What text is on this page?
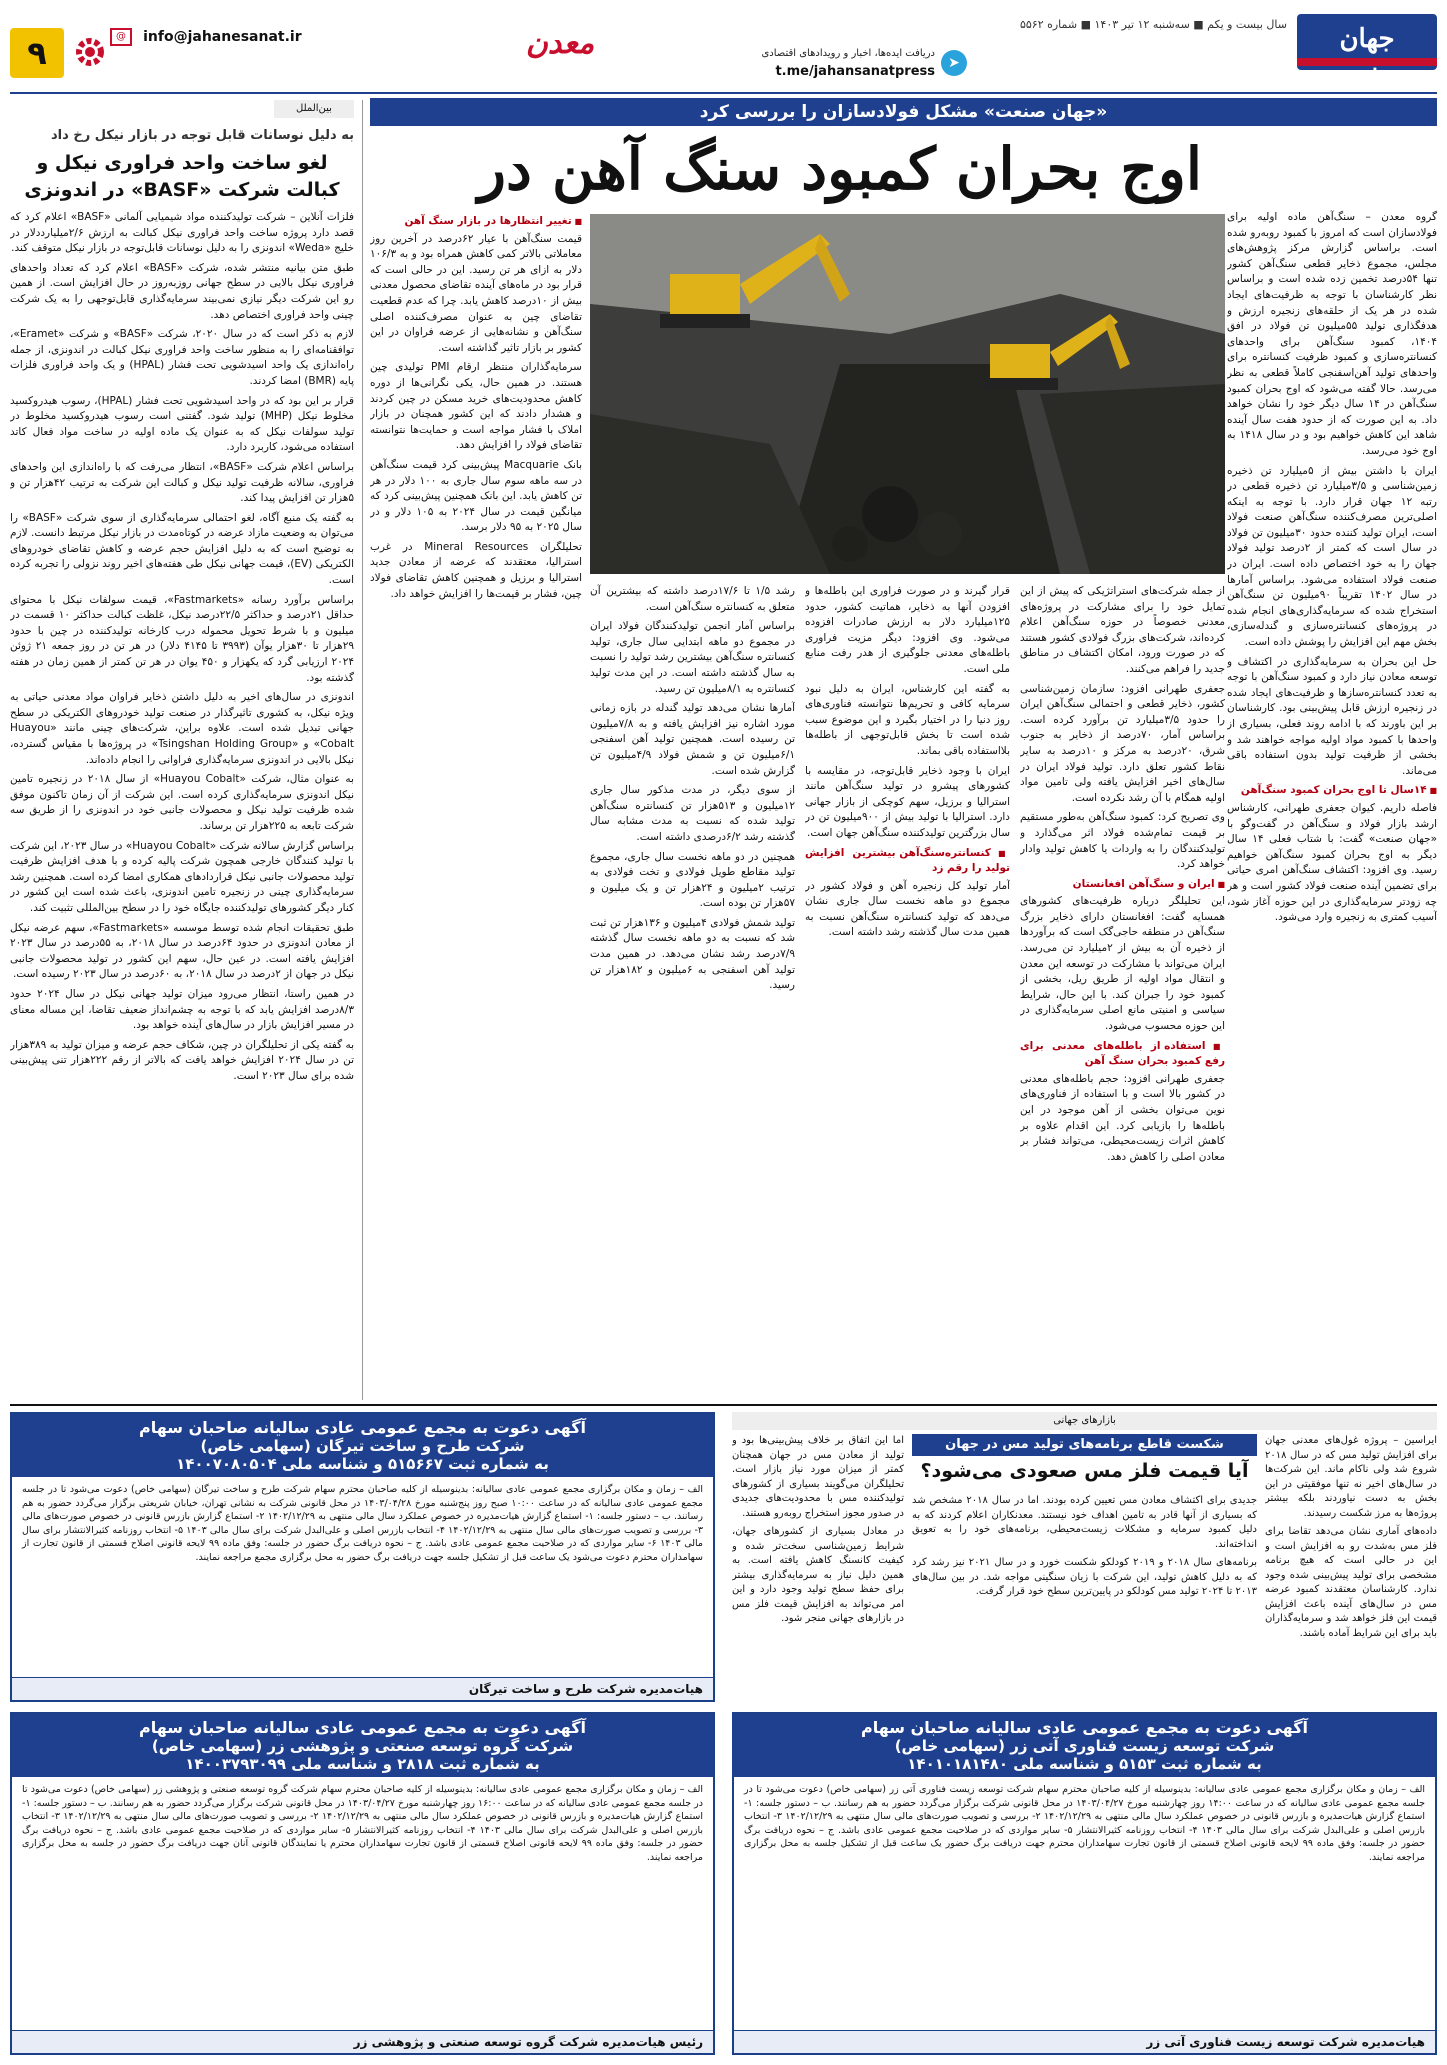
جهان صنعت
سال بیست و یکم ■ سه‌شنبه ۱۲ تیر ۱۴۰۳ ■ شماره ۵۵۶۲
➤
دریافت ایده‌ها، اخبار و رویدادهای اقتصادی
t.me/jahansanatpress
معدن
@ info@jahanesanat.ir
۹
بین‌الملل
به دلیل نوسانات قابل توجه در بازار نیکل رخ داد
لغو ساخت واحد فراوری نیکل و کبالت شرکت «BASF» در اندونزی

فلزات آنلاین – شرکت تولیدکننده مواد شیمیایی آلمانی «BASF» اعلام کرد که قصد دارد پروژه ساخت واحد فراوری نیکل کبالت به ارزش ۲/۶میلیارددلار در خلیج «Weda» اندونزی را به دلیل نوسانات قابل‌توجه در بازار نیکل متوقف کند.

طبق متن بیانیه منتشر شده، شرکت «BASF» اعلام کرد که تعداد واحدهای فراوری نیکل بالایی در سطح جهانی روزبه‌روز در حال افزایش است. از همین رو این شرکت دیگر نیازی نمی‌بیند سرمایه‌گذاری قابل‌توجهی را به یک شرکت چینی واحد فراوری اختصاص دهد.

لازم به ذکر است که در سال ۲۰۲۰، شرکت «BASF» و شرکت «Eramet»، توافقنامه‌ای را به منظور ساخت واحد فراوری نیکل کبالت در اندونزی، از جمله راه‌اندازی یک واحد اسیدشویی تحت فشار (HPAL) و یک واحد فراوری فلزات پایه (BMR) امضا کردند.

قرار بر این بود که در واحد اسیدشویی تحت فشار (HPAL)، رسوب هیدروکسید مخلوط نیکل (MHP) تولید شود. گفتنی است رسوب هیدروکسید مخلوط در تولید سولفات نیکل که به عنوان یک ماده اولیه در ساخت مواد فعال کاتد استفاده می‌شود، کاربرد دارد.

براساس اعلام شرکت «BASF»، انتظار می‌رفت که با راه‌اندازی این واحدهای فراوری، سالانه ظرفیت تولید نیکل و کبالت این شرکت به ترتیب ۴۲هزار تن و ۵هزار تن افزایش پیدا کند.

به گفته یک منبع آگاه، لغو احتمالی سرمایه‌گذاری از سوی شرکت «BASF» را می‌توان به وضعیت مازاد عرضه در کوتاه‌مدت در بازار نیکل مرتبط دانست. لازم به توضیح است که به دلیل افزایش حجم عرضه و کاهش تقاضای خودروهای الکتریکی (EV)، قیمت جهانی نیکل طی هفته‌های اخیر روند نزولی را تجربه کرده است.

براساس برآورد رسانه «Fastmarkets»، قیمت سولفات نیکل با محتوای حداقل ۲۱درصد و حداکثر ۲۲/۵درصد نیکل، غلظت کبالت حداکثر ۱۰ قسمت در میلیون و با شرط تحویل محموله درب کارخانه تولیدکننده در چین با حدود ۲۹هزار تا ۳۰هزار یوآن (۳۹۹۳ تا ۴۱۴۵ دلار) در هر تن در روز جمعه ۲۱ ژوئن ۲۰۲۴ ارزیابی گرد که یکهزار و ۴۵۰ یوان در هر تن کمتر از همین زمان در هفته گذشته بود.

اندونزی در سال‌های اخیر به دلیل داشتن ذخایر فراوان مواد معدنی حیاتی به ویژه نیکل، به کشوری تاثیرگذار در صنعت تولید خودروهای الکتریکی در سطح جهانی تبدیل شده است. علاوه براین، شرکت‌های چینی مانند «Huayou Cobalt» و «Tsingshan Holding Group» در پروژه‌ها با مقیاس گسترده، نیکل بالایی در اندونزی سرمایه‌گذاری فراوانی را انجام داده‌اند.

به عنوان مثال، شرکت «Huayou Cobalt» از سال ۲۰۱۸ در زنجیره تامین نیکل اندونزی سرمایه‌گذاری کرده است. این شرکت از آن زمان تاکنون موفق شده ظرفیت تولید نیکل و محصولات جانبی خود در اندونزی را از طریق سه شرکت تابعه به ۲۲۵هزار تن برساند.

براساس گزارش سالانه شرکت «Huayou Cobalt» در سال ۲۰۲۳، این شرکت با تولید کنندگان خارجی همچون شرکت پالیه کرده و با هدف افزایش ظرفیت تولید محصولات جانبی نیکل قراردادهای همکاری امضا کرده است. همچنین رشد سرمایه‌گذاری چینی در زنجیره تامین اندونزی، باعث شده است این کشور در کنار دیگر کشورهای تولیدکننده جایگاه خود را در سطح بین‌المللی تثبیت کند.

طبق تحقیقات انجام شده توسط موسسه «Fastmarkets»، سهم عرضه نیکل از معادن اندونزی در حدود ۶۴درصد در سال ۲۰۱۸، به ۵۵درصد در سال ۲۰۲۳ افزایش یافته است. در عین حال، سهم این کشور در تولید محصولات جانبی نیکل در جهان از ۲درصد در سال ۲۰۱۸، به ۶۰درصد در سال ۲۰۲۳ رسیده است.

در همین راستا، انتظار می‌رود میزان تولید جهانی نیکل در سال ۲۰۲۴ حدود ۸/۳درصد افزایش یابد که با توجه به چشم‌انداز ضعیف تقاضا، این مساله معنای در مسیر افزایش بازار در سال‌های آینده خواهد بود.

به گفته یکی از تحلیلگران در چین، شکاف حجم عرضه و میزان تولید به ۳۸۹هزار تن در سال ۲۰۲۴ افزایش خواهد یافت که بالاتر از رقم ۲۲۲هزار تنی پیش‌بینی شده برای سال ۲۰۲۳ است.

«جهان صنعت» مشکل فولادسازان را بررسی کرد
اوج بحران کمبود سنگ آهن در

گروه معدن – سنگ‌آهن ماده اولیه برای فولادسازان است که امروز با کمبود روبه‌رو شده است. براساس گزارش مرکز پژوهش‌های مجلس، مجموع ذخایر قطعی سنگ‌آهن کشور تنها ۵۴درصد تخمین زده شده است و براساس نظر کارشناسان با توجه به ظرفیت‌های ایجاد شده در هر یک از حلقه‌های زنجیره ارزش و هدفگذاری تولید ۵۵میلیون تن فولاد در افق ۱۴۰۴، کمبود سنگ‌آهن برای واحدهای کنسانتره‌سازی و کمبود ظرفیت کنسانتره برای واحدهای تولید آهن‌اسفنجی کاملاً قطعی به نظر می‌رسد. حالا گفته می‌شود که اوج بحران کمبود سنگ‌آهن در ۱۴ سال دیگر خود را نشان خواهد داد. به این صورت که از حدود هفت سال آینده شاهد این کاهش خواهیم بود و در سال ۱۴۱۸ به اوج خود می‌رسد.

ایران با داشتن بیش از ۵میلیارد تن ذخیره زمین‌شناسی و ۳/۵میلیارد تن ذخیره قطعی در رتبه ۱۲ جهان قرار دارد. با توجه به اینکه اصلی‌ترین مصرف‌کننده سنگ‌آهن صنعت فولاد است، ایران تولید کننده حدود ۳۰میلیون تن فولاد در سال است که کمتر از ۲درصد تولید فولاد جهان را به خود اختصاص داده است. ایران در صنعت فولاد استفاده می‌شود. براساس آمارها در سال ۱۴۰۲ تقریباً ۹۰میلیون تن سنگ‌آهن استخراج شده که سرمایه‌گذاری‌های انجام شده در پروژه‌های کنسانتره‌سازی و گندله‌سازی، بخش مهم این افزایش را پوشش داده است.

حل این بحران به سرمایه‌گذاری در اکتشاف و توسعه معادن نیاز دارد و کمبود سنگ‌آهن با توجه به تعدد کنسانتره‌سازها و ظرفیت‌های ایجاد شده در زنجیره ارزش قابل پیش‌بینی بود. کارشناسان بر این باورند که با ادامه روند فعلی، بسیاری از واحدها با کمبود مواد اولیه مواجه خواهند شد و بخشی از ظرفیت تولید بدون استفاده باقی می‌ماند.

■ ۱۴سال تا اوج بحران کمبود سنگ‌آهن

فاصله داریم. کیوان جعفری طهرانی، کارشناس ارشد بازار فولاد و سنگ‌آهن در گفت‌وگو با «جهان صنعت» گفت: با شتاب فعلی ۱۴ سال دیگر به اوج بحران کمبود سنگ‌آهن خواهیم رسید. وی افزود: اکتشاف سنگ‌آهن امری حیاتی برای تضمین آینده صنعت فولاد کشور است و هر چه زودتر سرمایه‌گذاری در این حوزه آغاز شود، آسیب کمتری به زنجیره وارد می‌شود.

■ تغییر انتظارها در بازار سنگ آهن

قیمت سنگ‌آهن با عیار ۶۲درصد در آخرین روز معاملاتی بالاتر کمی کاهش همراه بود و به ۱۰۶/۳ دلار به ازای هر تن رسید. این در حالی است که قرار بود در ماه‌های آینده تقاضای محصول معدنی بیش از ۱۰درصد کاهش یابد. چرا که عدم قطعیت تقاضای چین به عنوان مصرف‌کننده اصلی سنگ‌آهن و نشانه‌هایی از عرضه فراوان در این کشور بر بازار تاثیر گذاشته است.

سرمایه‌گذاران منتظر ارقام PMI تولیدی چین هستند. در همین حال، یکی نگرانی‌ها از دوره کاهش محدودیت‌های خرید مسکن در چین کردند و هشدار دادند که این کشور همچنان در بازار املاک با فشار مواجه است و حمایت‌ها نتوانسته تقاضای فولاد را افزایش دهد.

بانک Macquarie پیش‌بینی کرد قیمت سنگ‌آهن در سه ماهه سوم سال جاری به ۱۰۰ دلار در هر تن کاهش یابد. این بانک همچنین پیش‌بینی کرد که میانگین قیمت در سال ۲۰۲۴ به ۱۰۵ دلار و در سال ۲۰۲۵ به ۹۵ دلار برسد.

تحلیلگران Mineral Resources در غرب استرالیا، معتقدند که عرضه از معادن جدید استرالیا و برزیل و همچنین کاهش تقاضای فولاد چین، فشار بر قیمت‌ها را افزایش خواهد داد.	از جمله شرکت‌های استراتژیکی که پیش از این تمایل خود را برای مشارکت در پروژه‌های معدنی خصوصاً در حوزه سنگ‌آهن اعلام کرده‌اند، شرکت‌های بزرگ فولادی کشور هستند که در صورت ورود، امکان اکتشاف در مناطق جدید را فراهم می‌کنند.

جعفری طهرانی افزود: سازمان زمین‌شناسی کشور، ذخایر قطعی و احتمالی سنگ‌آهن ایران را حدود ۳/۵میلیارد تن برآورد کرده است. براساس آمار، ۷۰درصد از ذخایر به جنوب شرق، ۲۰درصد به مرکز و ۱۰درصد به سایر نقاط کشور تعلق دارد. تولید فولاد ایران در سال‌های اخیر افزایش یافته ولی تامین مواد اولیه همگام با آن رشد نکرده است.

وی تصریح کرد: کمبود سنگ‌آهن به‌طور مستقیم بر قیمت تمام‌شده فولاد اثر می‌گذارد و تولیدکنندگان را به واردات یا کاهش تولید وادار خواهد کرد.

■ ایران و سنگ‌آهن افغانستان

این تحلیلگر درباره ظرفیت‌های کشورهای همسایه گفت: افغانستان دارای ذخایر بزرگ سنگ‌آهن در منطقه حاجی‌گک است که برآوردها از ذخیره آن به بیش از ۲میلیارد تن می‌رسد. ایران می‌تواند با مشارکت در توسعه این معدن و انتقال مواد اولیه از طریق ریل، بخشی از کمبود خود را جبران کند. با این حال، شرایط سیاسی و امنیتی مانع اصلی سرمایه‌گذاری در این حوزه محسوب می‌شود.

■ استفاده از باطله‌های معدنی برای رفع کمبود بحران سنگ آهن

جعفری طهرانی افزود: حجم باطله‌های معدنی در کشور بالا است و با استفاده از فناوری‌های نوین می‌توان بخشی از آهن موجود در این باطله‌ها را بازیابی کرد. این اقدام علاوه بر کاهش اثرات زیست‌محیطی، می‌تواند فشار بر معادن اصلی را کاهش دهد.

قرار گیرند و در صورت فراوری این باطله‌ها و افزودن آنها به ذخایر، هماتیت کشور، حدود ۱۲۵میلیارد دلار به ارزش صادرات افزوده می‌شود. وی افزود: دیگر مزیت فراوری باطله‌های معدنی جلوگیری از هدر رفت منابع ملی است.

به گفته این کارشناس، ایران به دلیل نبود سرمایه کافی و تحریم‌ها نتوانسته فناوری‌های روز دنیا را در اختیار بگیرد و این موضوع سبب شده است تا بخش قابل‌توجهی از باطله‌ها بلااستفاده باقی بماند.

ایران با وجود ذخایر قابل‌توجه، در مقایسه با کشورهای پیشرو در تولید سنگ‌آهن مانند استرالیا و برزیل، سهم کوچکی از بازار جهانی دارد. استرالیا با تولید بیش از ۹۰۰میلیون تن در سال بزرگترین تولیدکننده سنگ‌آهن جهان است.

■ کنسانتره‌سنگ‌آهن بیشترین افزایش تولید را رقم زد

آمار تولید کل زنجیره آهن و فولاد کشور در مجموع دو ماهه نخست سال جاری نشان می‌دهد که تولید کنسانتره سنگ‌آهن نسبت به همین مدت سال گذشته رشد داشته است.

رشد ۱/۵ تا ۱۷/۶درصد داشته که بیشترین آن متعلق به کنسانتره سنگ‌آهن است.

براساس آمار انجمن تولیدکنندگان فولاد ایران در مجموع دو ماهه ابتدایی سال جاری، تولید کنسانتره سنگ‌آهن بیشترین رشد تولید را نسبت به سال گذشته داشته است. در این مدت تولید کنسانتره به ۸/۱میلیون تن رسید.

آمارها نشان می‌دهد تولید گندله در بازه زمانی مورد اشاره نیز افزایش یافته و به ۷/۸میلیون تن رسیده است. همچنین تولید آهن اسفنجی ۶/۱میلیون تن و شمش فولاد ۴/۹میلیون تن گزارش شده است.

از سوی دیگر، در مدت مذکور سال جاری ۱۲میلیون و ۵۱۳هزار تن کنسانتره سنگ‌آهن تولید شده که نسبت به مدت مشابه سال گذشته رشد ۶/۲درصدی داشته است.

همچنین در دو ماهه نخست سال جاری، مجموع تولید مقاطع طویل فولادی و تخت فولادی به ترتیب ۲میلیون و ۲۴هزار تن و یک میلیون و ۵۷هزار تن بوده است.

تولید شمش فولادی ۴میلیون و ۱۳۶هزار تن ثبت شد که نسبت به دو ماهه نخست سال گذشته ۷/۹درصد رشد نشان می‌دهد. در همین مدت تولید آهن اسفنجی به ۶میلیون و ۱۸۲هزار تن رسید.

بازارهای جهانی
شکست قاطع برنامه‌های تولید مس در جهان
آیا قیمت فلز مس صعودی می‌شود؟

ایراسین – پروژه غول‌های معدنی جهان برای افزایش تولید مس که در سال ۲۰۱۸ شروع شد ولی ناکام ماند. این شرکت‌ها در سال‌های اخیر نه تنها موفقیتی در این بخش به دست نیاوردند بلکه بیشتر پروژه‌ها به مرز شکست رسیدند.

داده‌های آماری نشان می‌دهد تقاضا برای فلز مس به‌شدت رو به افزایش است و این در حالی است که هیچ برنامه مشخصی برای تولید پیش‌بینی شده وجود ندارد. کارشناسان معتقدند کمبود عرضه مس در سال‌های آینده باعث افزایش قیمت این فلز خواهد شد و سرمایه‌گذاران باید برای این شرایط آماده باشند.

جدیدی برای اکتشاف معادن مس تعیین کرده بودند. اما در سال ۲۰۱۸ مشخص شد که بسیاری از آنها قادر به تامین اهداف خود نیستند. معدنکاران اعلام کردند که به دلیل کمبود سرمایه و مشکلات زیست‌محیطی، برنامه‌های خود را به تعویق انداخته‌اند.

برنامه‌های سال ۲۰۱۸ و ۲۰۱۹ کودلکو شکست خورد و در سال ۲۰۲۱ نیز رشد کرد که به دلیل کاهش تولید، این شرکت با زیان سنگینی مواجه شد. در بین سال‌های ۲۰۱۳ تا ۲۰۲۴ تولید مس کودلکو در پایین‌ترین سطح خود قرار گرفت.

اما این اتفاق بر خلاف پیش‌بینی‌ها بود و تولید از معادن مس در جهان همچنان کمتر از میزان مورد نیاز بازار است. تحلیلگران می‌گویند بسیاری از کشورهای تولیدکننده مس با محدودیت‌های جدیدی در صدور مجوز استخراج روبه‌رو هستند.

در معادل بسیاری از کشورهای جهان، شرایط زمین‌شناسی سخت‌تر شده و کیفیت کانسنگ کاهش یافته است. به همین دلیل نیاز به سرمایه‌گذاری بیشتر برای حفظ سطح تولید وجود دارد و این امر می‌تواند به افزایش قیمت فلز مس در بازارهای جهانی منجر شود.

آگهی دعوت به مجمع عمومی عادی سالیانه صاحبان سهام
شرکت طرح و ساخت تیرگان (سهامی خاص)
به شماره ثبت ۵۱۵۶۶۷ و شناسه ملی ۱۴۰۰۷۰۸۰۵۰۴
الف – زمان و مکان برگزاری مجمع عمومی عادی سالیانه: بدینوسیله از کلیه صاحبان محترم سهام شرکت طرح و ساخت تیرگان (سهامی خاص) دعوت می‌شود تا در جلسه مجمع عمومی عادی سالیانه که در ساعت ۱۰:۰۰ صبح روز پنج‌شنبه مورخ ۱۴۰۳/۰۴/۲۸ در محل قانونی شرکت به نشانی تهران، خیابان شریعتی برگزار می‌گردد حضور به هم رسانند. ب – دستور جلسه: ۱- استماع گزارش هیات‌مدیره در خصوص عملکرد سال مالی منتهی به ۱۴۰۲/۱۲/۲۹ ۲- استماع گزارش بازرس قانونی در خصوص صورت‌های مالی ۳- بررسی و تصویب صورت‌های مالی سال منتهی به ۱۴۰۲/۱۲/۲۹ ۴- انتخاب بازرس اصلی و علی‌البدل شرکت برای سال مالی ۱۴۰۳ ۵- انتخاب روزنامه کثیرالانتشار برای سال مالی ۱۴۰۳ ۶- سایر مواردی که در صلاحیت مجمع عمومی عادی باشد. ج – نحوه دریافت برگ حضور در جلسه: وفق ماده ۹۹ لایحه قانونی اصلاح قسمتی از قانون تجارت از سهامداران محترم دعوت می‌شود یک ساعت قبل از تشکیل جلسه جهت دریافت برگ حضور به محل برگزاری مجمع مراجعه نمایند.
هیات‌مدیره شرکت طرح و ساخت تیرگان
آگهی دعوت به مجمع عمومی عادی سالیانه صاحبان سهام
شرکت گروه توسعه صنعتی و پژوهشی زر (سهامی خاص)
به شماره ثبت ۲۸۱۸ و شناسه ملی ۱۴۰۰۳۷۹۳۰۹۹
الف – زمان و مکان برگزاری مجمع عمومی عادی سالیانه: بدینوسیله از کلیه صاحبان محترم سهام شرکت گروه توسعه صنعتی و پژوهشی زر (سهامی خاص) دعوت می‌شود تا در جلسه مجمع عمومی عادی سالیانه که در ساعت ۱۶:۰۰ روز چهارشنبه مورخ ۱۴۰۳/۰۴/۲۷ در محل قانونی شرکت برگزار می‌گردد حضور به هم رسانند. ب – دستور جلسه: ۱- استماع گزارش هیات‌مدیره و بازرس قانونی در خصوص عملکرد سال مالی منتهی به ۱۴۰۲/۱۲/۲۹ ۲- بررسی و تصویب صورت‌های مالی سال منتهی به ۱۴۰۲/۱۲/۲۹ ۳- انتخاب بازرس اصلی و علی‌البدل شرکت برای سال مالی ۱۴۰۳ ۴- انتخاب روزنامه کثیرالانتشار ۵- سایر مواردی که در صلاحیت مجمع عمومی عادی باشد. ج – نحوه دریافت برگ حضور در جلسه: وفق ماده ۹۹ لایحه قانونی اصلاح قسمتی از قانون تجارت سهامداران محترم یا نمایندگان قانونی آنان جهت دریافت برگ حضور در جلسه به محل برگزاری مراجعه نمایند.
رئیس هیات‌مدیره شرکت گروه توسعه صنعتی و پژوهشی زر
آگهی دعوت به مجمع عمومی عادی سالیانه صاحبان سهام
شرکت توسعه زیست فناوری آتی زر (سهامی خاص)
به شماره ثبت ۵۱۵۳ و شناسه ملی ۱۴۰۱۰۱۸۱۴۸۰
الف – زمان و مکان برگزاری مجمع عمومی عادی سالیانه: بدینوسیله از کلیه صاحبان محترم سهام شرکت توسعه زیست فناوری آتی زر (سهامی خاص) دعوت می‌شود تا در جلسه مجمع عمومی عادی سالیانه که در ساعت ۱۴:۰۰ روز چهارشنبه مورخ ۱۴۰۳/۰۴/۲۷ در محل قانونی شرکت برگزار می‌گردد حضور به هم رسانند. ب – دستور جلسه: ۱- استماع گزارش هیات‌مدیره و بازرس قانونی در خصوص عملکرد سال مالی منتهی به ۱۴۰۲/۱۲/۲۹ ۲- بررسی و تصویب صورت‌های مالی سال منتهی به ۱۴۰۲/۱۲/۲۹ ۳- انتخاب بازرس اصلی و علی‌البدل شرکت برای سال مالی ۱۴۰۳ ۴- انتخاب روزنامه کثیرالانتشار ۵- سایر مواردی که در صلاحیت مجمع عمومی عادی باشد. ج – نحوه دریافت برگ حضور در جلسه: وفق ماده ۹۹ لایحه قانونی اصلاح قسمتی از قانون تجارت سهامداران محترم جهت دریافت برگ حضور یک ساعت قبل از تشکیل جلسه به محل برگزاری مراجعه نمایند.
هیات‌مدیره شرکت توسعه زیست فناوری آتی زر
